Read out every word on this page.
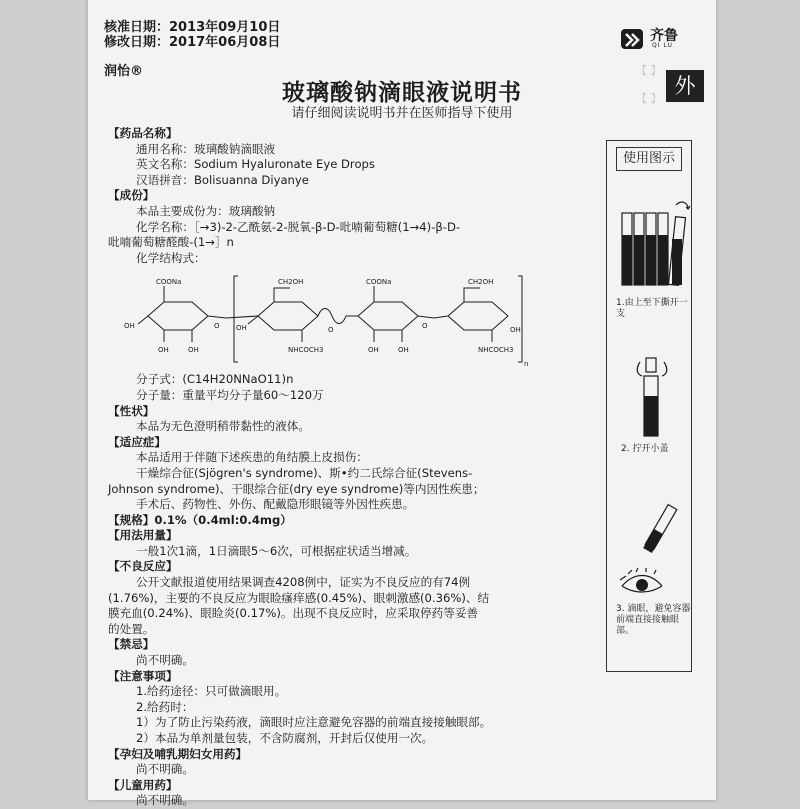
核准日期：2013年09月10日
修改日期：2017年06月08日
润怡®
齐鲁
QI LU
外
玻璃酸钠滴眼液说明书
请仔细阅读说明书并在医师指导下使用
【 】
【 】
【药品名称】
通用名称：玻璃酸钠滴眼液
英文名称：Sodium Hyaluronate Eye Drops
汉语拼音：Bolisuanna Diyanye
【成份】
本品主要成份为：玻璃酸钠
化学名称：［→3)-2-乙酰氨-2-脱氧-β-D-吡喃葡萄糖(1→4)-β-D-
吡喃葡萄糖醛酸-(1→］n
化学结构式：
COONa
OH
OH	OH
O
CH2OH
OH
NHCOCH3
O
COONa
OH	OH
O
CH2OH
NHCOCH3
OH
n
分子式：(C14H20NNaO11)n
分子量：重量平均分子量60～120万
【性状】
本品为无色澄明稍带黏性的液体。
【适应症】
本品适用于伴随下述疾患的角结膜上皮损伤：
干燥综合征(Sjögren's syndrome)、斯•约二氏综合征(Stevens-
Johnson syndrome)、干眼综合征(dry eye syndrome)等内因性疾患；
手术后、药物性、外伤、配戴隐形眼镜等外因性疾患。
【规格】0.1%（0.4ml:0.4mg）
【用法用量】
一般1次1滴，1日滴眼5～6次，可根据症状适当增减。
【不良反应】
公开文献报道使用结果调查4208例中，证实为不良反应的有74例
(1.76%)，主要的不良反应为眼睑瘙痒感(0.45%)、眼刺激感(0.36%)、结
膜充血(0.24%)、眼睑炎(0.17%)。出现不良反应时，应采取停药等妥善
的处置。
【禁忌】
尚不明确。
【注意事项】
1.给药途径：只可做滴眼用。
2.给药时：
1）为了防止污染药液，滴眼时应注意避免容器的前端直接接触眼部。
2）本品为单剂量包装，不含防腐剂，开封后仅使用一次。
【孕妇及哺乳期妇女用药】
尚不明确。
【儿童用药】
尚不明确。
使用图示
1.由上至下撕开一支
2. 拧开小盖
3. 滴眼，避免容器前端直接接触眼部。
